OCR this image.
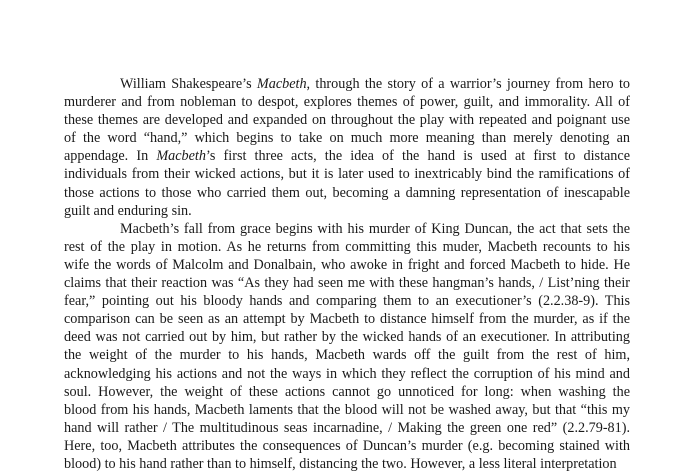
William Shakespeare’s Macbeth, through the story of a warrior’s journey from hero to
murderer and from nobleman to despot, explores themes of power, guilt, and immorality. All of
these themes are developed and expanded on throughout the play with repeated and poignant use
of the word “hand,” which begins to take on much more meaning than merely denoting an
appendage. In Macbeth’s first three acts, the idea of the hand is used at first to distance
individuals from their wicked actions, but it is later used to inextricably bind the ramifications of
those actions to those who carried them out, becoming a damning representation of inescapable
guilt and enduring sin.
Macbeth’s fall from grace begins with his murder of King Duncan, the act that sets the
rest of the play in motion. As he returns from committing this muder, Macbeth recounts to his
wife the words of Malcolm and Donalbain, who awoke in fright and forced Macbeth to hide. He
claims that their reaction was “As they had seen me with these hangman’s hands, / List’ning their
fear,” pointing out his bloody hands and comparing them to an executioner’s (2.2.38-9). This
comparison can be seen as an attempt by Macbeth to distance himself from the murder, as if the
deed was not carried out by him, but rather by the wicked hands of an executioner. In attributing
the weight of the murder to his hands, Macbeth wards off the guilt from the rest of him,
acknowledging his actions and not the ways in which they reflect the corruption of his mind and
soul. However, the weight of these actions cannot go unnoticed for long: when washing the
blood from his hands, Macbeth laments that the blood will not be washed away, but that “this my
hand will rather / The multitudinous seas incarnadine, / Making the green one red” (2.2.79-81).
Here, too, Macbeth attributes the consequences of Duncan’s murder (e.g. becoming stained with
blood) to his hand rather than to himself, distancing the two. However, a less literal interpretation
